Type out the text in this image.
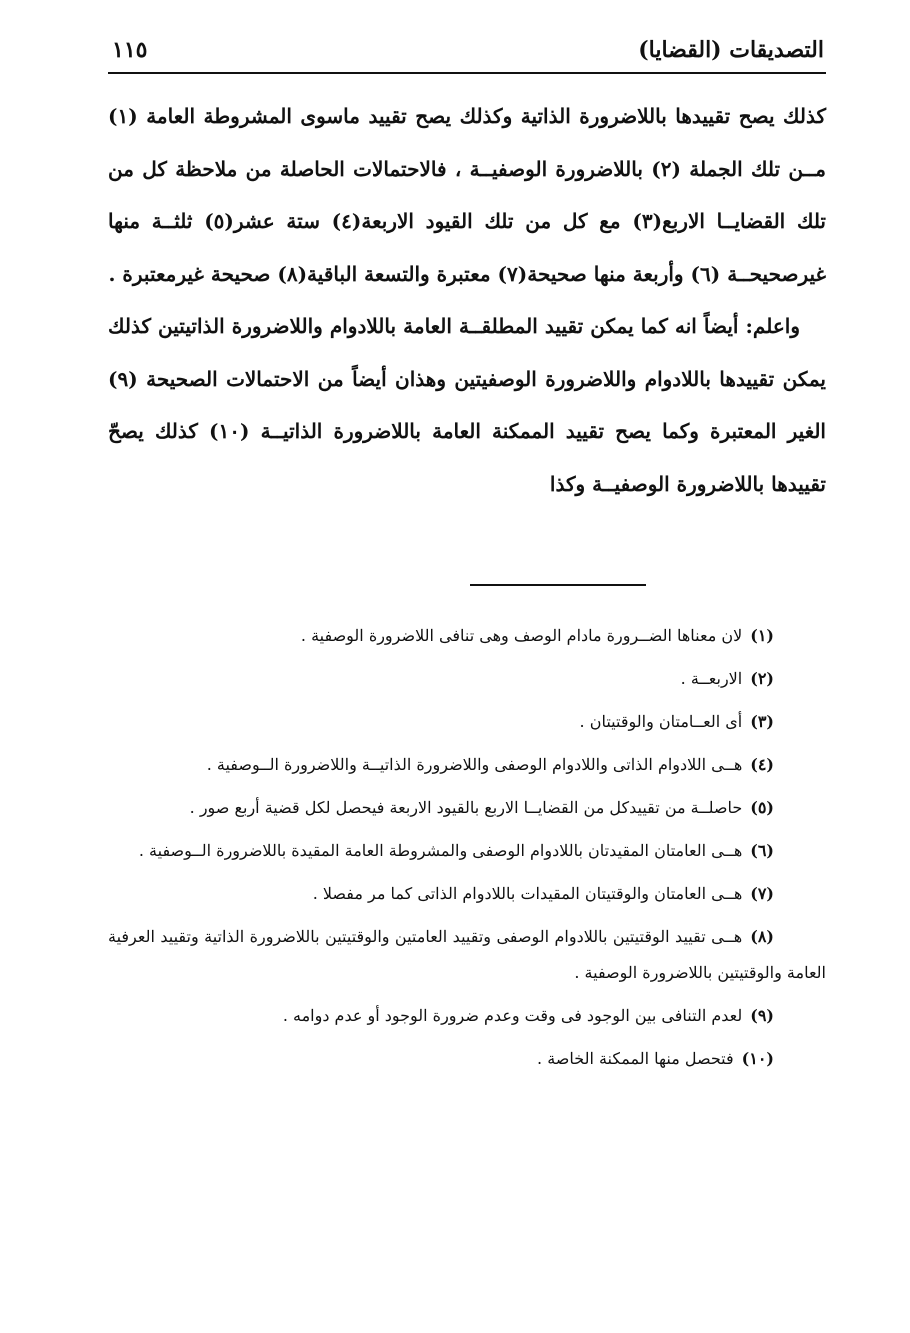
التصديقات (القضايا)
١١٥

كذلك يصح تقييدها باللاضرورة الذاتية وكذلك يصح تقييد ماسوى المشروطة العامة (١) مــن تلك الجملة (٢) باللاضرورة الوصفيــة ، فالاحتمالات الحاصلة من ملاحظة كل من تلك القضايــا الاربع(٣) مع كل من تلك القيود الاربعة(٤) ستة عشر(٥) ثلثــة منها غيرصحيحــة (٦) وأربعة منها صحيحة(٧) معتبرة والتسعة الباقية(٨) صحيحة غيرمعتبرة .

واعلم: أيضاً انه كما يمكن تقييد المطلقــة العامة باللادوام واللاضرورة الذاتيتين كذلك يمكن تقييدها باللادوام واللاضرورة الوصفيتين وهذان أيضاً من الاحتمالات الصحيحة (٩) الغير المعتبرة وكما يصح تقييد الممكنة العامة باللاضرورة الذاتيــة (١٠) كذلك يصحّ تقييدها باللاضرورة الوصفيــة وكذا

(١)لان معناها الضــرورة مادام الوصف وهى تنافى اللاضرورة الوصفية .

(٢)الاربعــة .

(٣)أى العــامتان والوقتيتان .

(٤)هــى اللادوام الذاتى واللادوام الوصفى واللاضرورة الذاتيــة واللاضرورة الــوصفية .

(٥)حاصلــة من تقييدكل من القضايــا الاربع بالقيود الاربعة فيحصل لكل قضية أربع صور .

(٦)هــى العامتان المقيدتان باللادوام الوصفى والمشروطة العامة المقيدة باللاضرورة الــوصفية .

(٧)هــى العامتان والوقتيتان المقيدات باللادوام الذاتى كما مر مفصلا .

(٨)هــى تقييد الوقتيتين باللادوام الوصفى وتقييد العامتين والوقتيتين باللاضرورة الذاتية وتقييد العرفية العامة والوقتيتين باللاضرورة الوصفية .

(٩)لعدم التنافى بين الوجود فى وقت وعدم ضرورة الوجود أو عدم دوامه .

(١٠)فتحصل منها الممكنة الخاصة .
